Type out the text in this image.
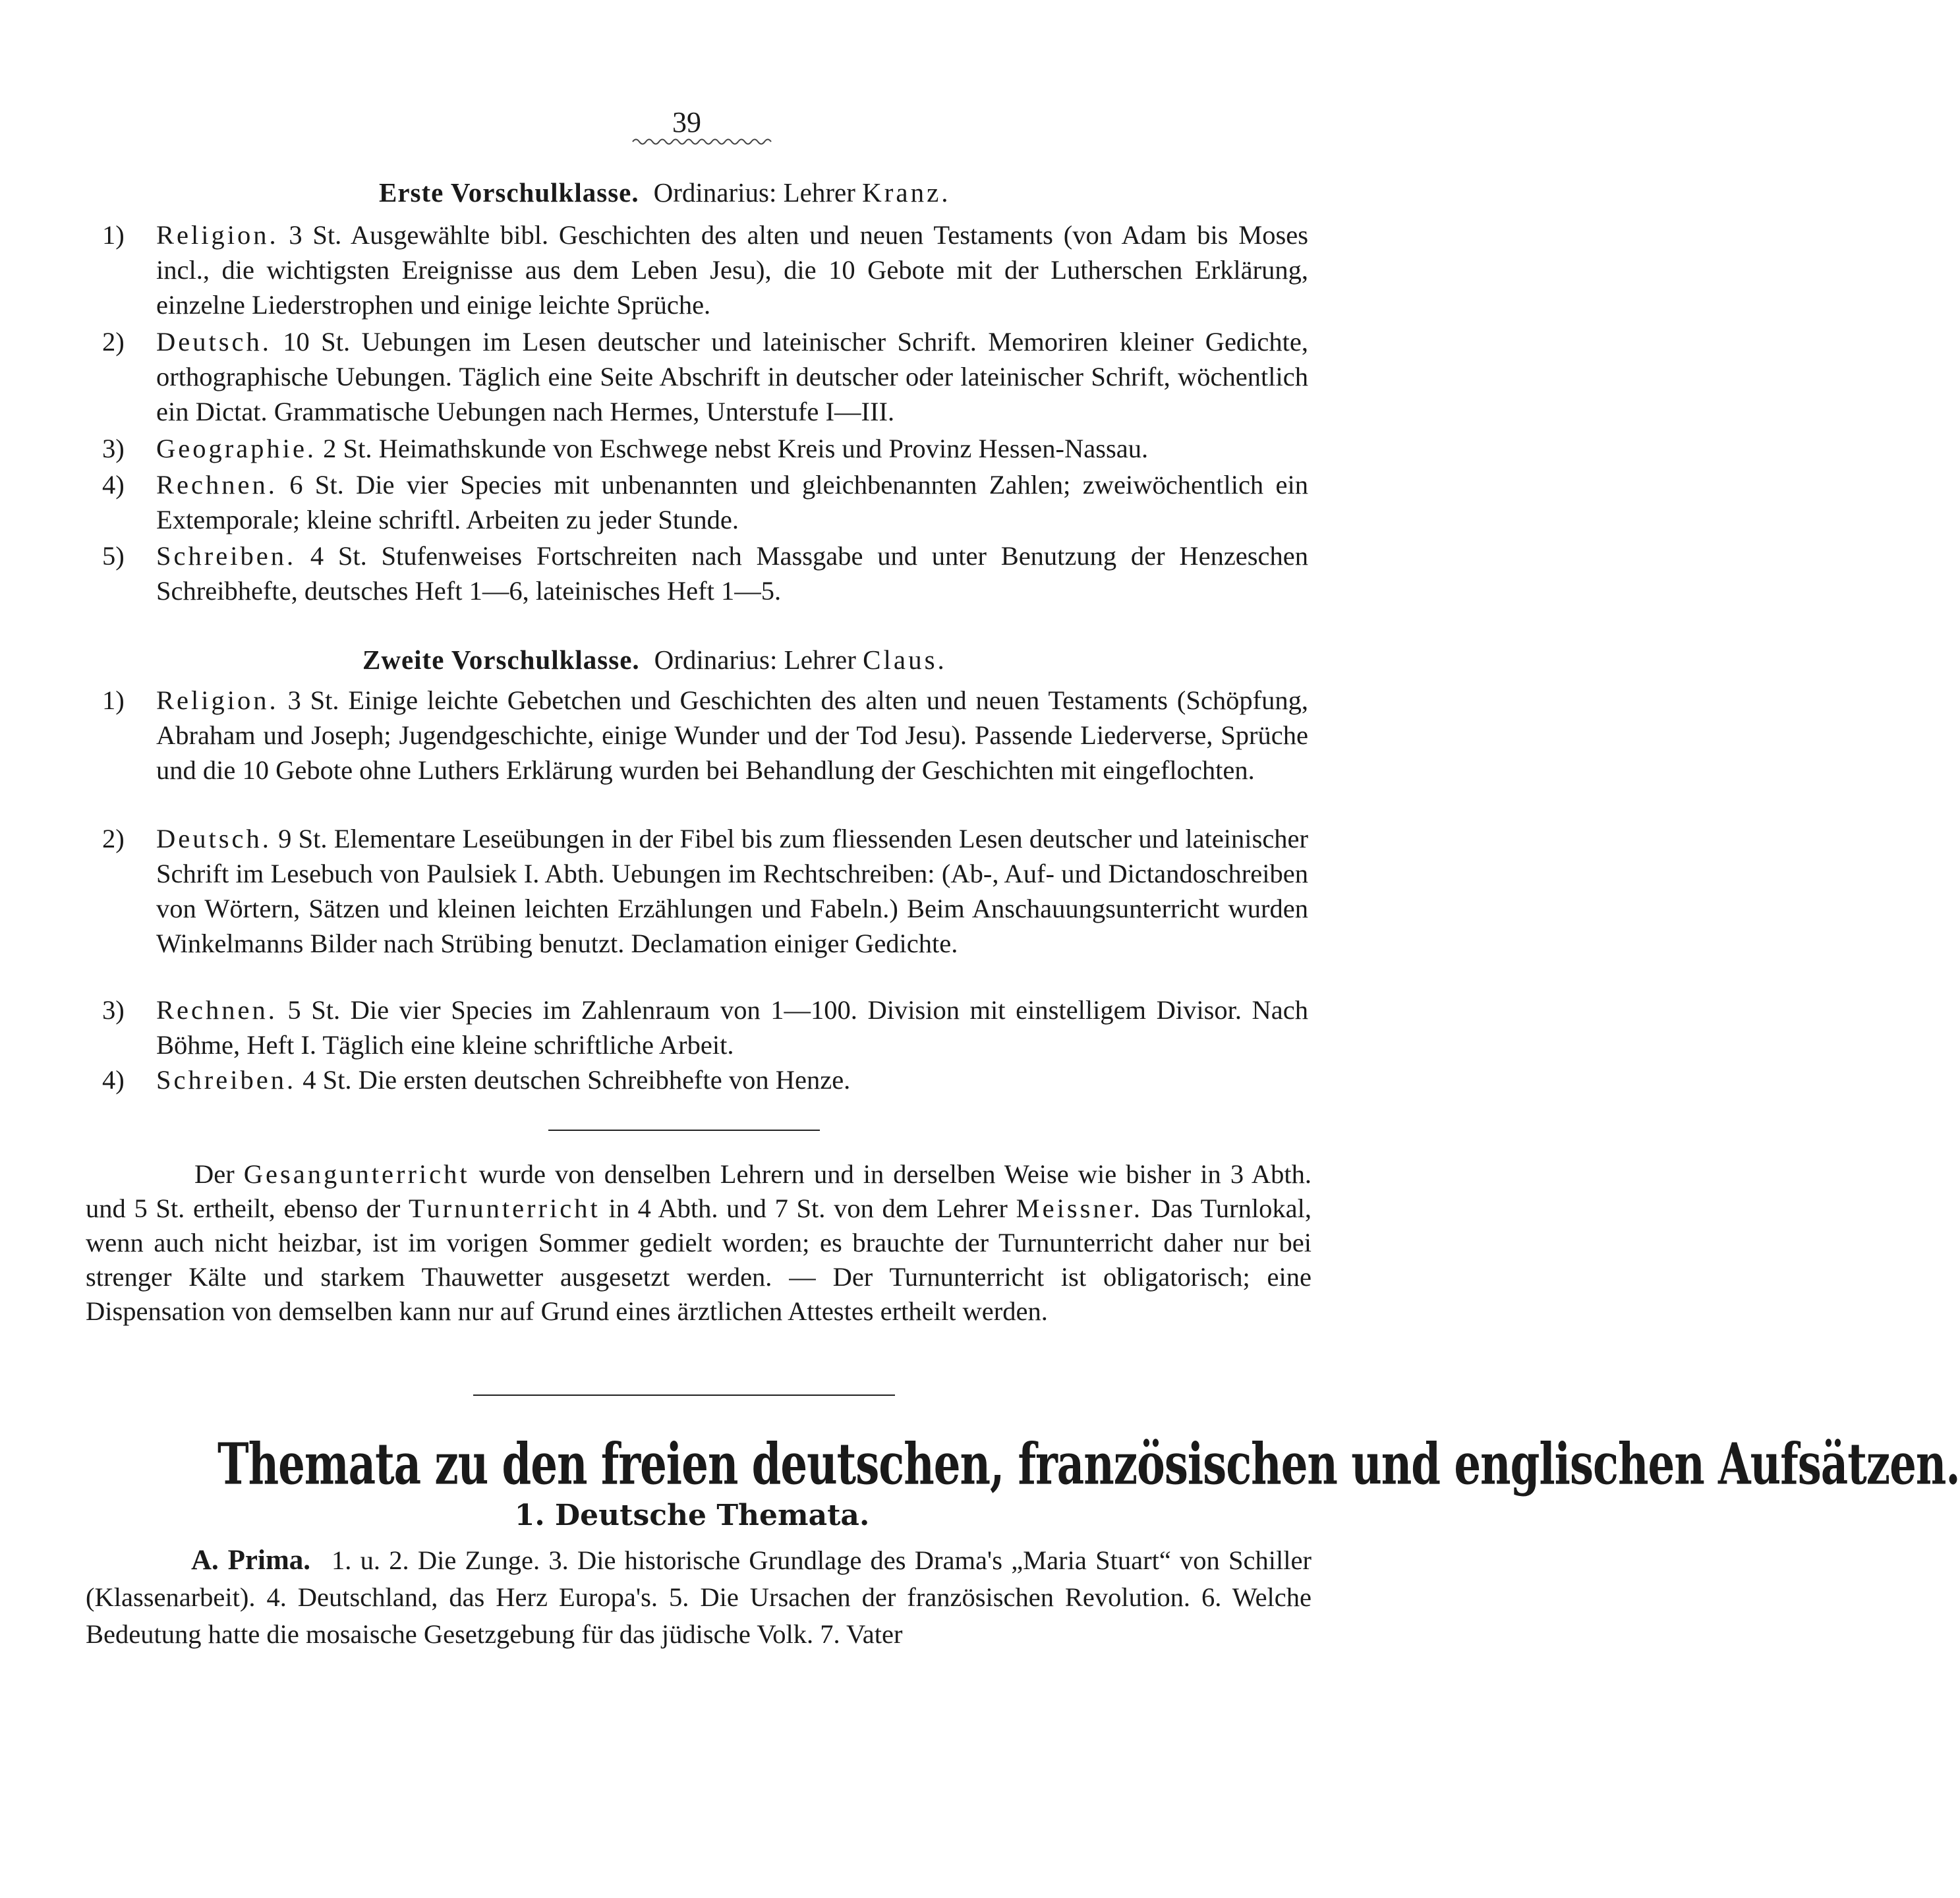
39
Erste Vorschulklasse. Ordinarius: Lehrer Kranz.
1) Religion. 3 St. Ausgewählte bibl. Geschichten des alten und neuen Testaments (von Adam bis Moses incl., die wichtigsten Ereignisse aus dem Leben Jesu), die 10 Gebote mit der Lutherschen Erklärung, einzelne Liederstrophen und einige leichte Sprüche.
2) Deutsch. 10 St. Uebungen im Lesen deutscher und lateinischer Schrift. Memoriren kleiner Gedichte, orthographische Uebungen. Täglich eine Seite Abschrift in deutscher oder lateinischer Schrift, wöchentlich ein Dictat. Grammatische Uebungen nach Hermes, Unterstufe I—III.
3) Geographie. 2 St. Heimathskunde von Eschwege nebst Kreis und Provinz Hessen-Nassau.
4) Rechnen. 6 St. Die vier Species mit unbenannten und gleichbenannten Zahlen; zweiwöchentlich ein Extemporale; kleine schriftl. Arbeiten zu jeder Stunde.
5) Schreiben. 4 St. Stufenweises Fortschreiten nach Massgabe und unter Benutzung der Henzeschen Schreibhefte, deutsches Heft 1—6, lateinisches Heft 1—5.
Zweite Vorschulklasse. Ordinarius: Lehrer Claus.
1) Religion. 3 St. Einige leichte Gebetchen und Geschichten des alten und neuen Testaments (Schöpfung, Abraham und Joseph; Jugendgeschichte, einige Wunder und der Tod Jesu). Passende Liederverse, Sprüche und die 10 Gebote ohne Luthers Erklärung wurden bei Behandlung der Geschichten mit eingeflochten.
2) Deutsch. 9 St. Elementare Leseübungen in der Fibel bis zum fliessenden Lesen deutscher und lateinischer Schrift im Lesebuch von Paulsiek I. Abth. Uebungen im Rechtschreiben: (Ab-, Auf- und Dictandoschreiben von Wörtern, Sätzen und kleinen leichten Erzählungen und Fabeln.) Beim Anschauungsunterricht wurden Winkelmanns Bilder nach Strübing benutzt. Declamation einiger Gedichte.
3) Rechnen. 5 St. Die vier Species im Zahlenraum von 1—100. Division mit einstelligem Divisor. Nach Böhme, Heft I. Täglich eine kleine schriftliche Arbeit.
4) Schreiben. 4 St. Die ersten deutschen Schreibhefte von Henze.
Der Gesangunterricht wurde von denselben Lehrern und in derselben Weise wie bisher in 3 Abth. und 5 St. ertheilt, ebenso der Turnunterricht in 4 Abth. und 7 St. von dem Lehrer Meissner. Das Turnlokal, wenn auch nicht heizbar, ist im vorigen Sommer gedielt worden; es brauchte der Turnunterricht daher nur bei strenger Kälte und starkem Thauwetter ausgesetzt werden. — Der Turnunterricht ist obligatorisch; eine Dispensation von demselben kann nur auf Grund eines ärztlichen Attestes ertheilt werden.
Themata zu den freien deutschen, französischen und englischen Aufsätzen.
1. Deutsche Themata.
A. Prima. 1. u. 2. Die Zunge. 3. Die historische Grundlage des Drama's „Maria Stuart“ von Schiller (Klassenarbeit). 4. Deutschland, das Herz Europa's. 5. Die Ursachen der französischen Revolution. 6. Welche Bedeutung hatte die mosaische Gesetzgebung für das jüdische Volk. 7. Vater
